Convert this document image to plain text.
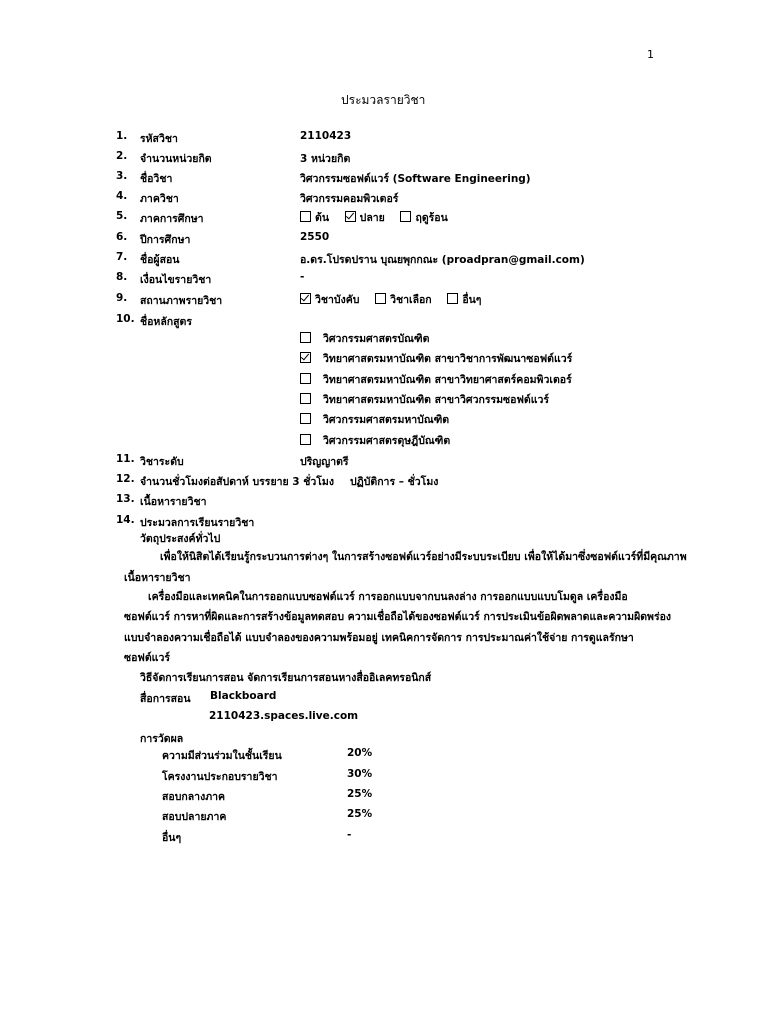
1
ประมวลรายวิชา
1. รหัสวิชา	2110423
2. จำนวนหน่วยกิต	3 หน่วยกิต
3. ชื่อวิชา	วิศวกรรมซอฟต์แวร์ (Software Engineering)
4. ภาควิชา	วิศวกรรมคอมพิวเตอร์
5. ภาคการศึกษา	ต้น	ปลาย	ฤดูร้อน
6. ปีการศึกษา	2550
7. ชื่อผู้สอน	อ.ดร.โปรดปราน บุณยพุกกณะ (proadpran@gmail.com)
8. เงื่อนไขรายวิชา	-
9. สถานภาพรายวิชา	วิชาบังคับ	วิชาเลือก	อื่นๆ
10. ชื่อหลักสูตร
วิศวกรรมศาสตรบัณฑิต
วิทยาศาสตรมหาบัณฑิต สาขาวิชาการพัฒนาซอฟต์แวร์
วิทยาศาสตรมหาบัณฑิต สาขาวิทยาศาสตร์คอมพิวเตอร์
วิทยาศาสตรมหาบัณฑิต สาขาวิศวกรรมซอฟต์แวร์
วิศวกรรมศาสตรมหาบัณฑิต
วิศวกรรมศาสตรดุษฎีบัณฑิต
11. วิชาระดับ	ปริญญาตรี
12. จำนวนชั่วโมงต่อสัปดาห์ บรรยาย 3 ชั่วโมง ปฏิบัติการ – ชั่วโมง
13. เนื้อหารายวิชา
14. ประมวลการเรียนรายวิชา
วัตถุประสงค์ทั่วไป
เพื่อให้นิสิตได้เรียนรู้กระบวนการต่างๆ ในการสร้างซอฟต์แวร์อย่างมีระบบระเบียบ เพื่อให้ได้มาซึ่งซอฟต์แวร์ที่มีคุณภาพ
เนื้อหารายวิชา
เครื่องมือและเทคนิคในการออกแบบซอฟต์แวร์ การออกแบบจากบนลงล่าง การออกแบบแบบโมดูล เครื่องมือ
ซอฟต์แวร์ การหาที่ผิดและการสร้างข้อมูลทดสอบ ความเชื่อถือได้ของซอฟต์แวร์ การประเมินข้อผิดพลาดและความผิดพร่อง
แบบจำลองความเชื่อถือได้ แบบจำลองของความพร้อมอยู่ เทคนิคการจัดการ การประมาณค่าใช้จ่าย การดูแลรักษา
ซอฟต์แวร์
วิธีจัดการเรียนการสอน จัดการเรียนการสอนหางสื่ออิเลคทรอนิกส์
สื่อการสอน Blackboard
2110423.spaces.live.com
การวัดผล
ความมีส่วนร่วมในชั้นเรียน	20%
โครงงานประกอบรายวิชา	30%
สอบกลางภาค	25%
สอบปลายภาค	25%
อื่นๆ	-
